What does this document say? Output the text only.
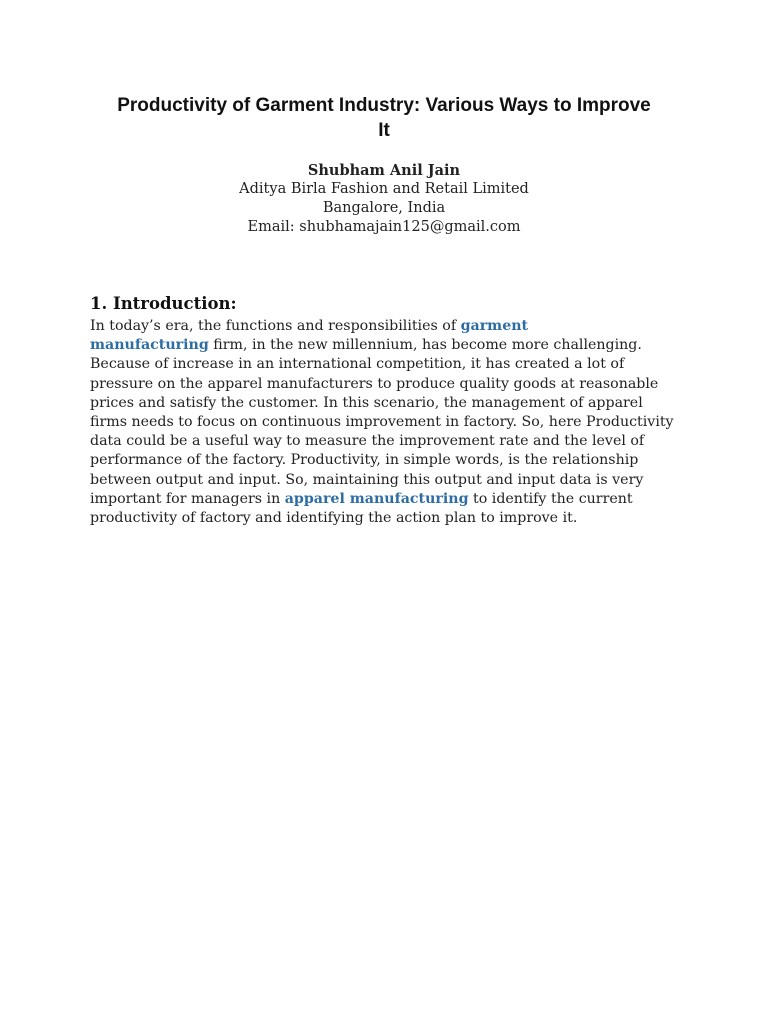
Productivity of Garment Industry: Various Ways to Improve
It
Shubham Anil Jain
Aditya Birla Fashion and Retail Limited
Bangalore, India
Email: shubhamajain125@gmail.com
1. Introduction:

In today’s era, the functions and responsibilities of garment
manufacturing firm, in the new millennium, has become more challenging.
Because of increase in an international competition, it has created a lot of
pressure on the apparel manufacturers to produce quality goods at reasonable
prices and satisfy the customer. In this scenario, the management of apparel
firms needs to focus on continuous improvement in factory. So, here Productivity
data could be a useful way to measure the improvement rate and the level of
performance of the factory. Productivity, in simple words, is the relationship
between output and input. So, maintaining this output and input data is very
important for managers in apparel manufacturing to identify the current
productivity of factory and identifying the action plan to improve it.
